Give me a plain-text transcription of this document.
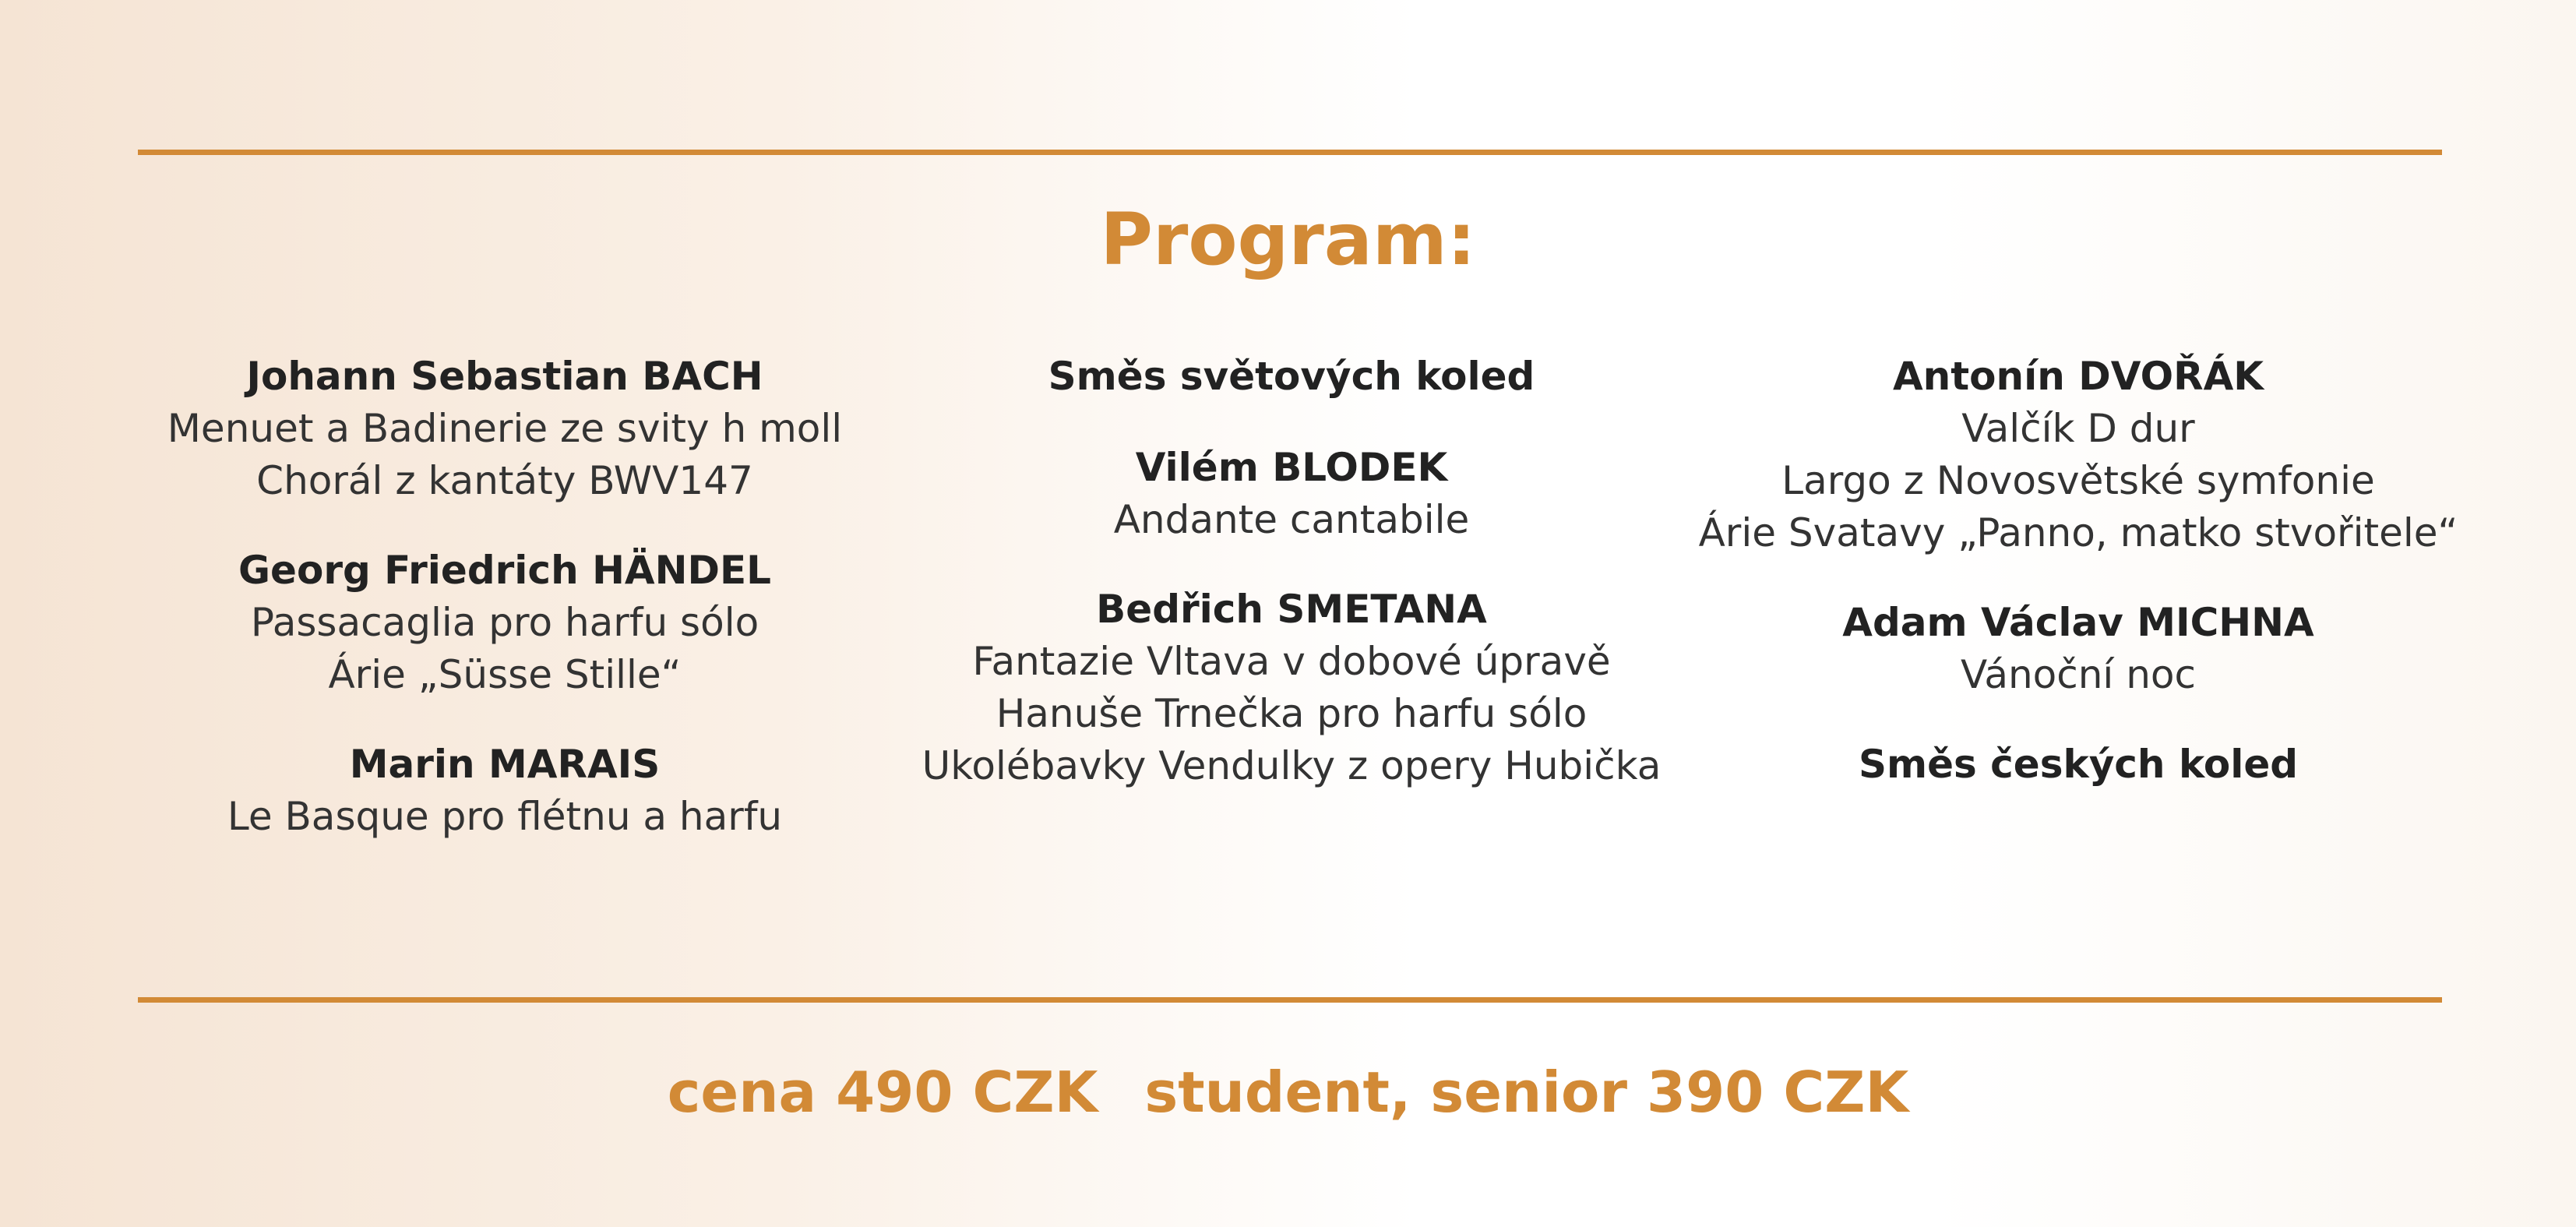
Program:
Johann Sebastian BACH
Menuet a Badinerie ze svity h moll
Chorál z kantáty BWV147
Georg Friedrich HÄNDEL
Passacaglia pro harfu sólo
Árie „Süsse Stille“
Marin MARAIS
Le Basque pro flétnu a harfu
Směs světových koled
Vilém BLODEK
Andante cantabile
Bedřich SMETANA
Fantazie Vltava v dobové úpravě
Hanuše Trnečka pro harfu sólo
Ukolébavky Vendulky z opery Hubička
Antonín DVOŘÁK
Valčík D dur
Largo z Novosvětské symfonie
Árie Svatavy „Panno, matko stvořitele“
Adam Václav MICHNA
Vánoční noc
Směs českých koled
cena 490 CZK student, senior 390 CZK
